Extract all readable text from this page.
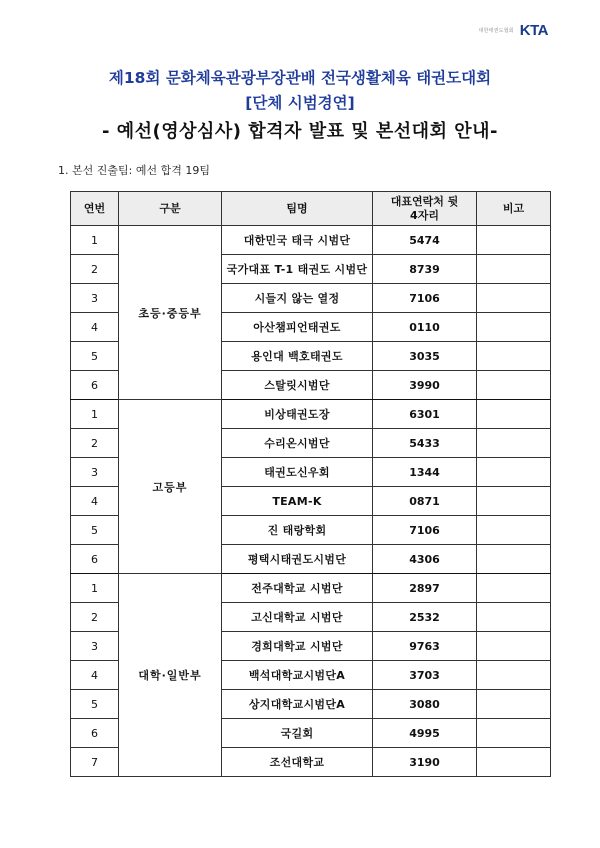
대한태권도협회 KTA
제18회 문화체육관광부장관배 전국생활체육 태권도대회
[단체 시범경연]
- 예선(영상심사) 합격자 발표 및 본선대회 안내-
1. 본선 진출팀: 예선 합격 19팀
연번	구분	팀명	대표연락처 뒷 4자리	비고
1	초등·중등부	대한민국 태극 시범단	5474	
2		국가대표 T-1 태권도 시범단	8739	
3		시들지 않는 열정	7106	
4		아산챔피언태권도	0110	
5		용인대 백호태권도	3035	
6		스탈릿시범단	3990	
1	고등부	비상태권도장	6301	
2		수리온시범단	5433	
3		태권도신우회	1344	
4		TEAM-K	0871	
5		진 태랑학회	7106	
6		평택시태권도시범단	4306	
1	대학·일반부	전주대학교 시범단	2897	
2		고신대학교 시범단	2532	
3		경희대학교 시범단	9763	
4		백석대학교시범단A	3703	
5		상지대학교시범단A	3080	
6		국길회	4995	
7		조선대학교	3190	
